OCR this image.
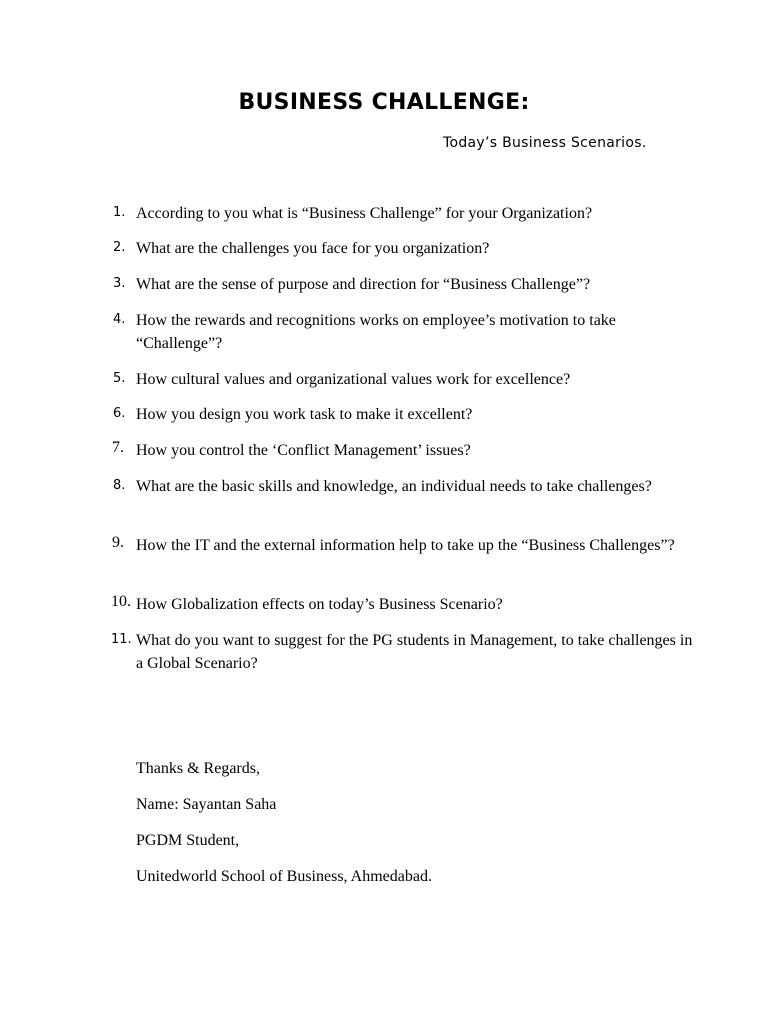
BUSINESS CHALLENGE:
Today’s Business Scenarios.
1. According to you what is “Business Challenge” for your Organization?
2. What are the challenges you face for you organization?
3. What are the sense of purpose and direction for “Business Challenge”?
4. How the rewards and recognitions works on employee’s motivation to take “Challenge”?
5. How cultural values and organizational values work for excellence?
6. How you design you work task to make it excellent?
7. How you control the ‘Conflict Management’ issues?
8. What are the basic skills and knowledge, an individual needs to take challenges?
9. How the IT and the external information help to take up the “Business Challenges”?
10. How Globalization effects on today’s Business Scenario?
11. What do you want to suggest for the PG students in Management, to take challenges in a Global Scenario?
Thanks & Regards,
Name: Sayantan Saha
PGDM Student,
Unitedworld School of Business, Ahmedabad.
